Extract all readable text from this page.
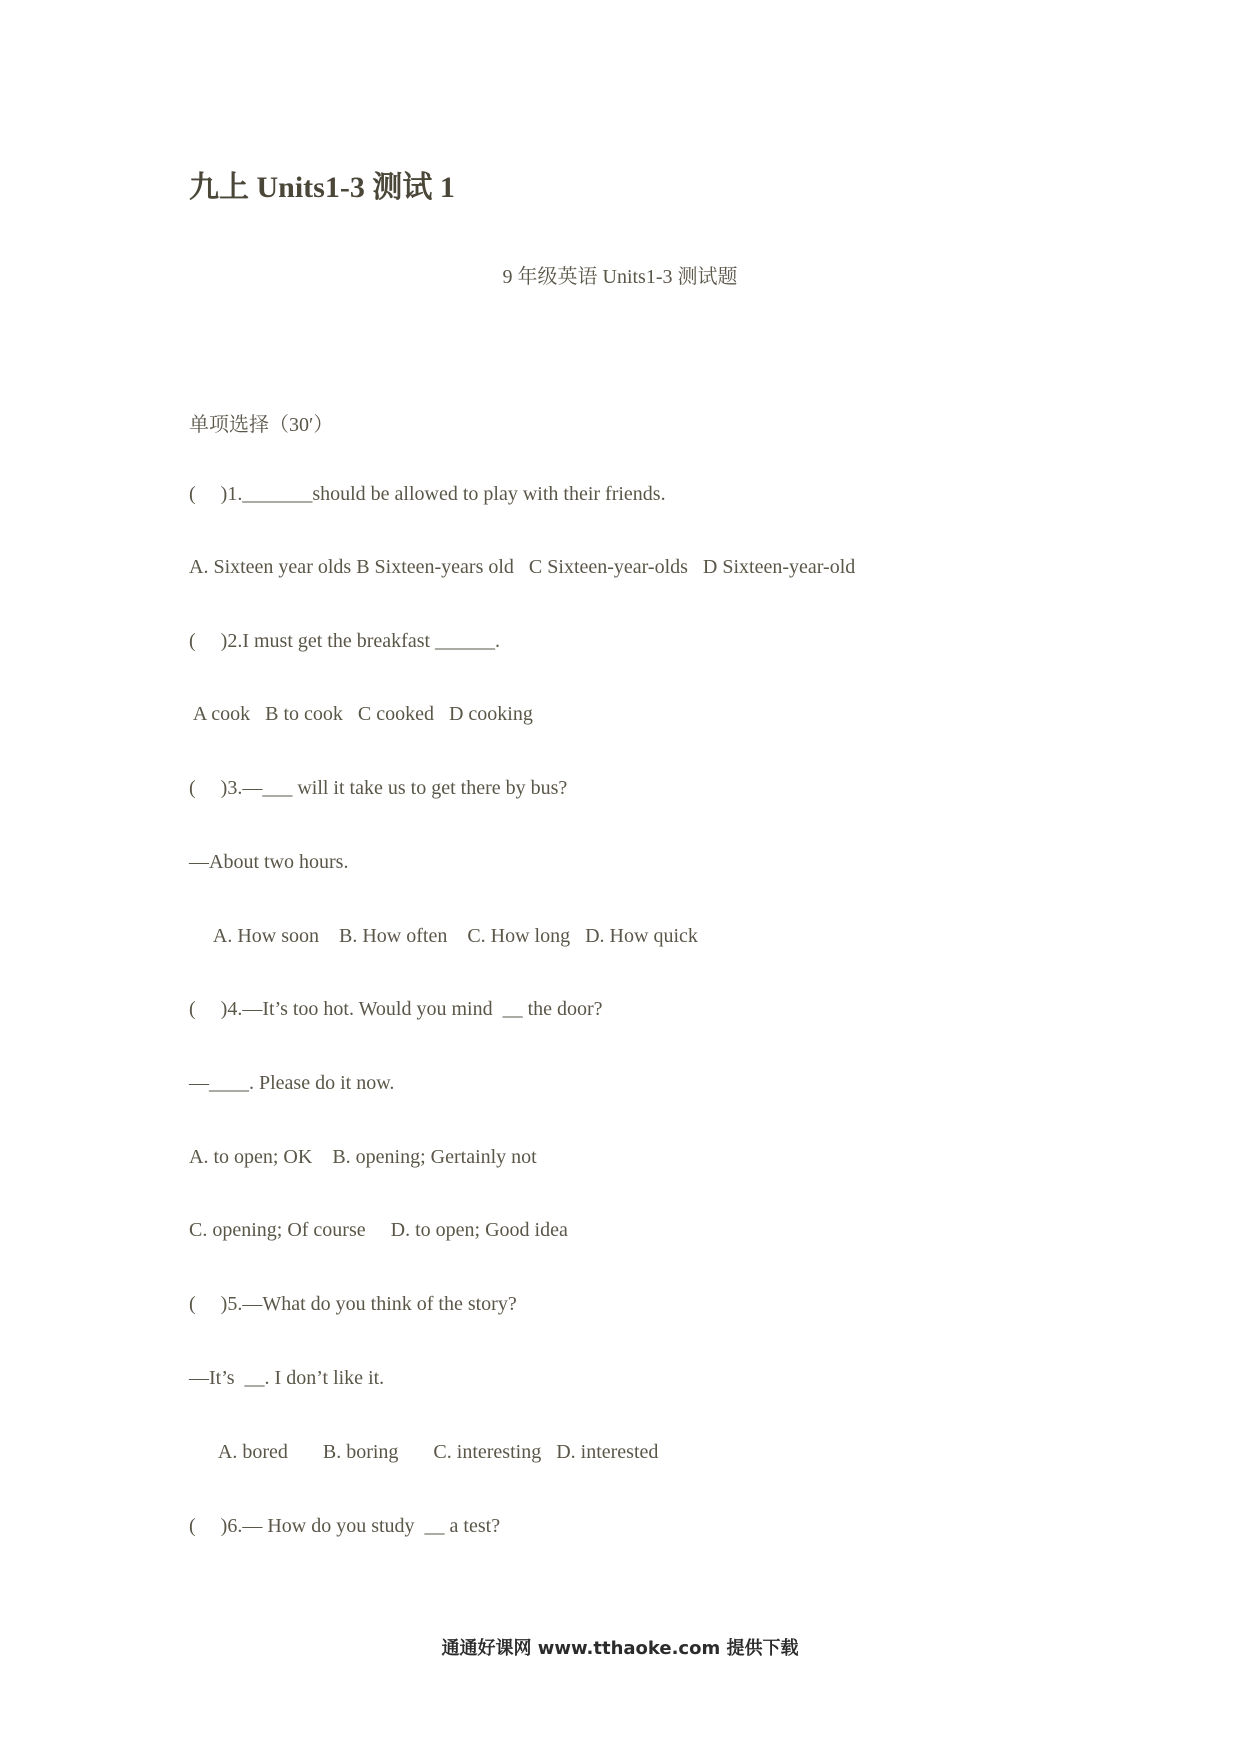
九上 Units1-3 测试 1
9 年级英语 Units1-3 测试题
单项选择（30′）
(     )1._______should be allowed to play with their friends.
A. Sixteen year olds B Sixteen-years old   C Sixteen-year-olds   D Sixteen-year-old
(     )2.I must get the breakfast ______.
A cook   B to cook   C cooked   D cooking
(     )3.—___ will it take us to get there by bus?
—About two hours.
A. How soon    B. How often    C. How long   D. How quick
(     )4.—It’s too hot. Would you mind  __ the door?
—____. Please do it now.
A. to open; OK    B. opening; Gertainly not
C. opening; Of course     D. to open; Good idea
(     )5.—What do you think of the story?
—It’s  __. I don’t like it.
A. bored       B. boring       C. interesting   D. interested
(     )6.— How do you study  __ a test?
通通好课网 www.tthaoke.com 提供下载
